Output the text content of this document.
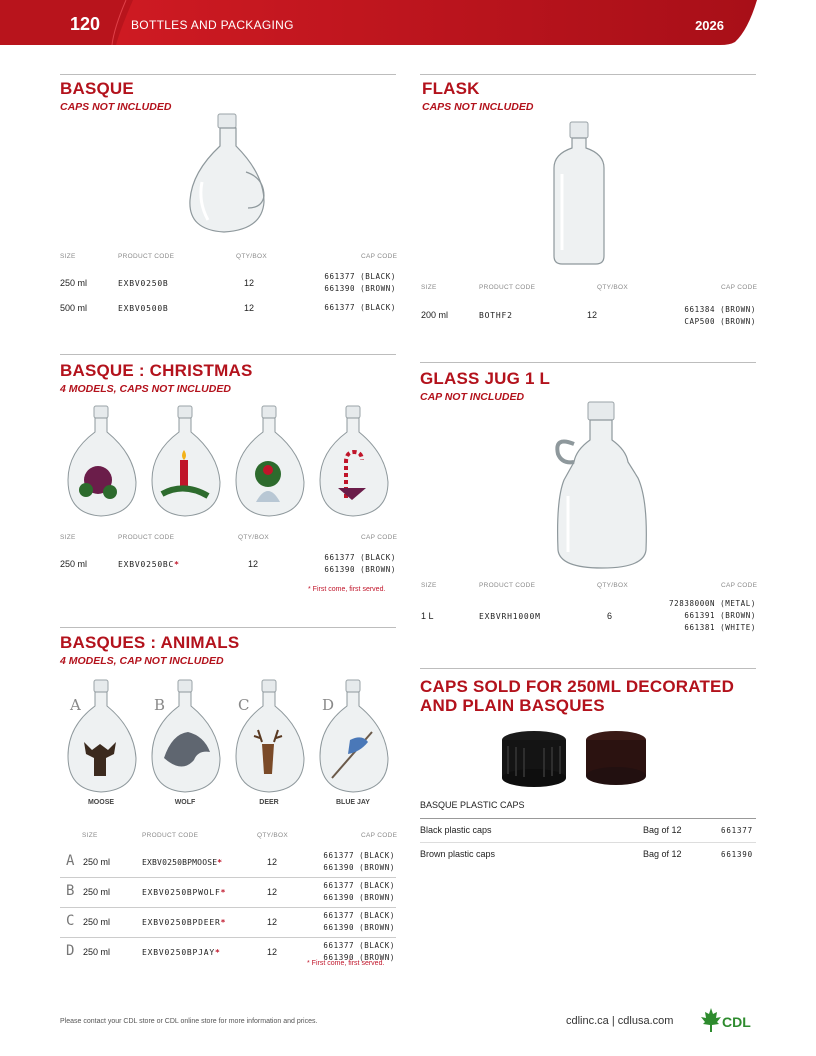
120	BOTTLES AND PACKAGING	2026
BASQUE
CAPS NOT INCLUDED
SIZE	PRODUCT CODE	QTY/BOX	CAP CODE
250 ml	EXBV0250B	12
661377 (BLACK)
661390 (BROWN)
500 ml	EXBV0500B	12	661377 (BLACK)
FLASK
CAPS NOT INCLUDED
SIZE	PRODUCT CODE	QTY/BOX	CAP CODE
200 ml	BOTHF2	12
661384 (BROWN)
CAP500 (BROWN)
BASQUE : CHRISTMAS
4 MODELS, CAPS NOT INCLUDED
SIZE	PRODUCT CODE	QTY/BOX	CAP CODE
250 ml	EXBV0250BC*	12
661377 (BLACK)
661390 (BROWN)
* First come, first served.
GLASS JUG 1 L
CAP NOT INCLUDED
SIZE	PRODUCT CODE	QTY/BOX	CAP CODE
1 L	EXBVRH1000M	6
72838000N (METAL)
661391 (BROWN)
661381 (WHITE)
BASQUES : ANIMALS
4 MODELS, CAP NOT INCLUDED
A	B	C	D
MOOSE	WOLF	DEER	BLUE JAY
SIZE	PRODUCT CODE	QTY/BOX	CAP CODE
A 250 ml	EXBV0250BPMOOSE*	12
661377 (BLACK)
661390 (BROWN)
B 250 ml	EXBV0250BPWOLF*	12
661377 (BLACK)
661390 (BROWN)
C 250 ml	EXBV0250BPDEER*	12
661377 (BLACK)
661390 (BROWN)
D 250 ml	EXBV0250BPJAY*	12
661377 (BLACK)
661390 (BROWN)
* First come, first served.
CAPS SOLD FOR 250ML DECORATED AND PLAIN BASQUES
BASQUE PLASTIC CAPS
Black plastic caps	Bag of 12	661377
Brown plastic caps	Bag of 12	661390
Please contact your CDL store or CDL online store for more information and prices.	cdlinc.ca | cdlusa.com	CDL
